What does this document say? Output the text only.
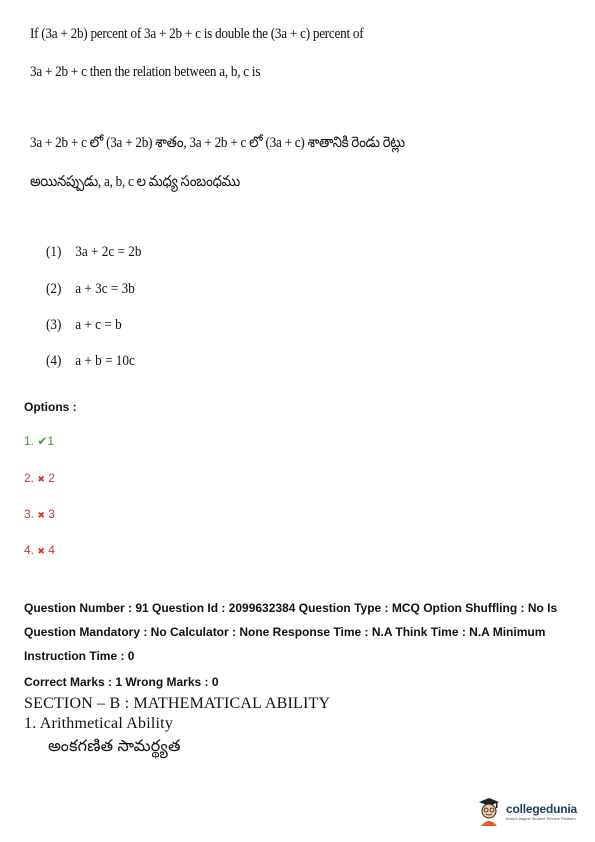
If (3a + 2b) percent of 3a + 2b + c is double the (3a + c) percent of
3a + 2b + c then the relation between a, b, c is
3a + 2b + c లో (3a + 2b) శాతం, 3a + 2b + c లో (3a + c) శాతానికి రెండు రెట్లు
అయినప్పుడు, a, b, c ల మధ్య సంబంధము
(1) 3a + 2c = 2b
(2) a + 3c = 3b
(3) a + c = b
(4) a + b = 10c
Options :
1. ✔1
2. ✖ 2
3. ✖ 3
4. ✖ 4
Question Number : 91 Question Id : 2099632384 Question Type : MCQ Option Shuffling : No Is
Question Mandatory : No Calculator : None Response Time : N.A Think Time : N.A Minimum
Instruction Time : 0
Correct Marks : 1 Wrong Marks : 0
SECTION – B : MATHEMATICAL ABILITY
1. Arithmetical Ability
అంకగణిత సామర్థ్యత
collegedunia
India's largest Student Review Platform
